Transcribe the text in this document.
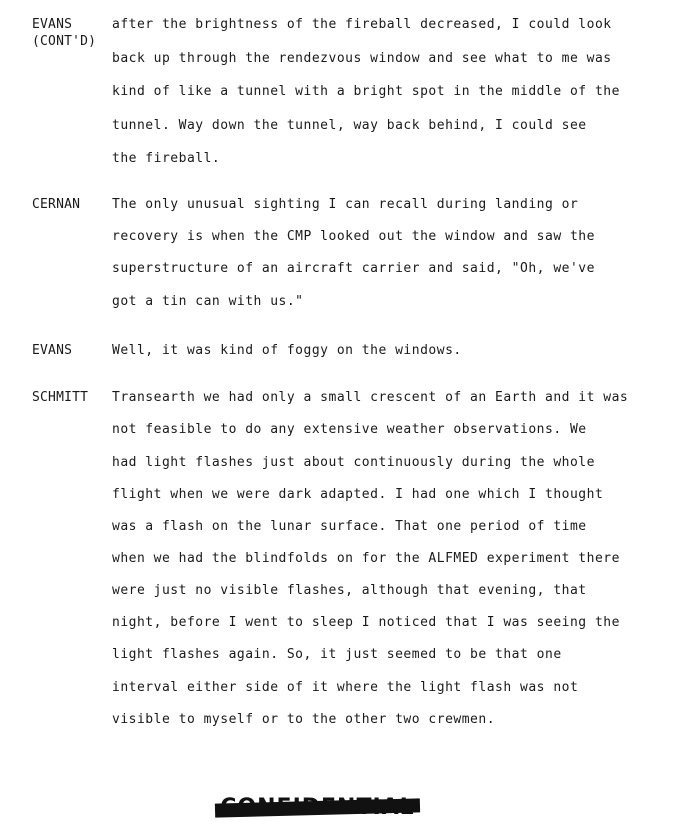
EVANS
(CONT'D)
after the brightness of the fireball decreased, I could look
back up through the rendezvous window and see what to me was
kind of like a tunnel with a bright spot in the middle of the
tunnel. Way down the tunnel, way back behind, I could see
the fireball.
CERNAN The only unusual sighting I can recall during landing or
recovery is when the CMP looked out the window and saw the
superstructure of an aircraft carrier and said, "Oh, we've
got a tin can with us."
EVANS	Well, it was kind of foggy on the windows.
SCHMITT Transearth we had only a small crescent of an Earth and it was
not feasible to do any extensive weather observations. We
had light flashes just about continuously during the whole
flight when we were dark adapted. I had one which I thought
was a flash on the lunar surface. That one period of time
when we had the blindfolds on for the ALFMED experiment there
were just no visible flashes, although that evening, that
night, before I went to sleep I noticed that I was seeing the
light flashes again. So, it just seemed to be that one
interval either side of it where the light flash was not
visible to myself or to the other two crewmen.
